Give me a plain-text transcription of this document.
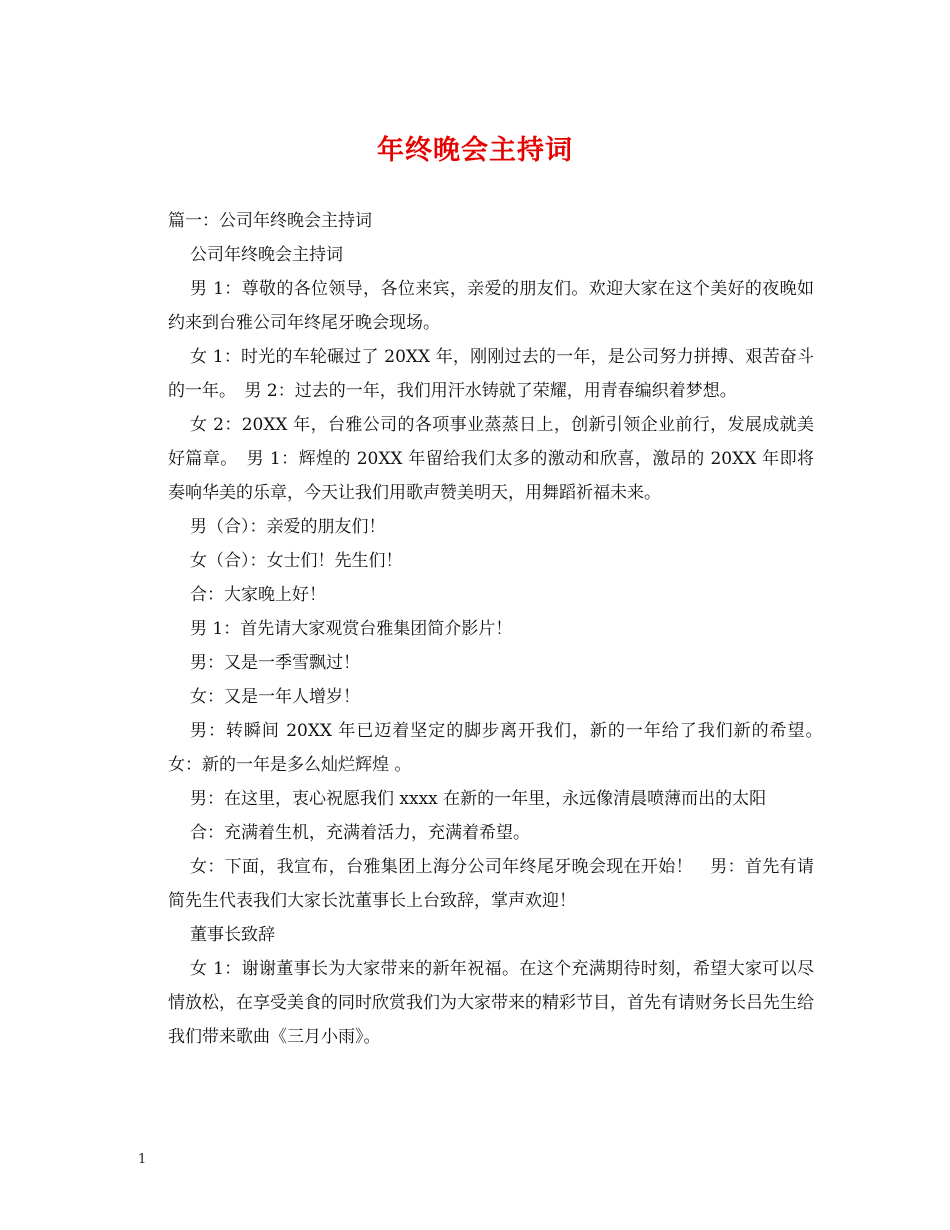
年终晚会主持词

篇一：公司年终晚会主持词

公司年终晚会主持词

男 1：尊敬的各位领导，各位来宾，亲爱的朋友们。欢迎大家在这个美好的夜晚如约来到台雅公司年终尾牙晚会现场。

女 1：时光的车轮碾过了 20XX 年，刚刚过去的一年，是公司努力拼搏、艰苦奋斗的一年。　男 2：过去的一年，我们用汗水铸就了荣耀，用青春编织着梦想。

女 2：20XX 年，台雅公司的各项事业蒸蒸日上，创新引领企业前行，发展成就美好篇章。　男 1：辉煌的 20XX 年留给我们太多的激动和欣喜，激昂的 20XX 年即将奏响华美的乐章，今天让我们用歌声赞美明天，用舞蹈祈福未来。

男（合）：亲爱的朋友们！

女（合）：女士们！先生们！

合：大家晚上好！

男 1：首先请大家观赏台雅集团简介影片！

男：又是一季雪飘过！

女：又是一年人增岁！

男：转瞬间 20XX 年已迈着坚定的脚步离开我们，新的一年给了我们新的希望。　女：新的一年是多么灿烂辉煌 。

男：在这里，衷心祝愿我们 xxxx 在新的一年里，永远像清晨喷薄而出的太阳

合：充满着生机，充满着活力，充满着希望。

女：下面，我宣布，台雅集团上海分公司年终尾牙晚会现在开始！　男：首先有请简先生代表我们大家长沈董事长上台致辞，掌声欢迎！

董事长致辞

女 1：谢谢董事长为大家带来的新年祝福。在这个充满期待时刻，希望大家可以尽情放松，在享受美食的同时欣赏我们为大家带来的精彩节目，首先有请财务长吕先生给我们带来歌曲《三月小雨》。

1
